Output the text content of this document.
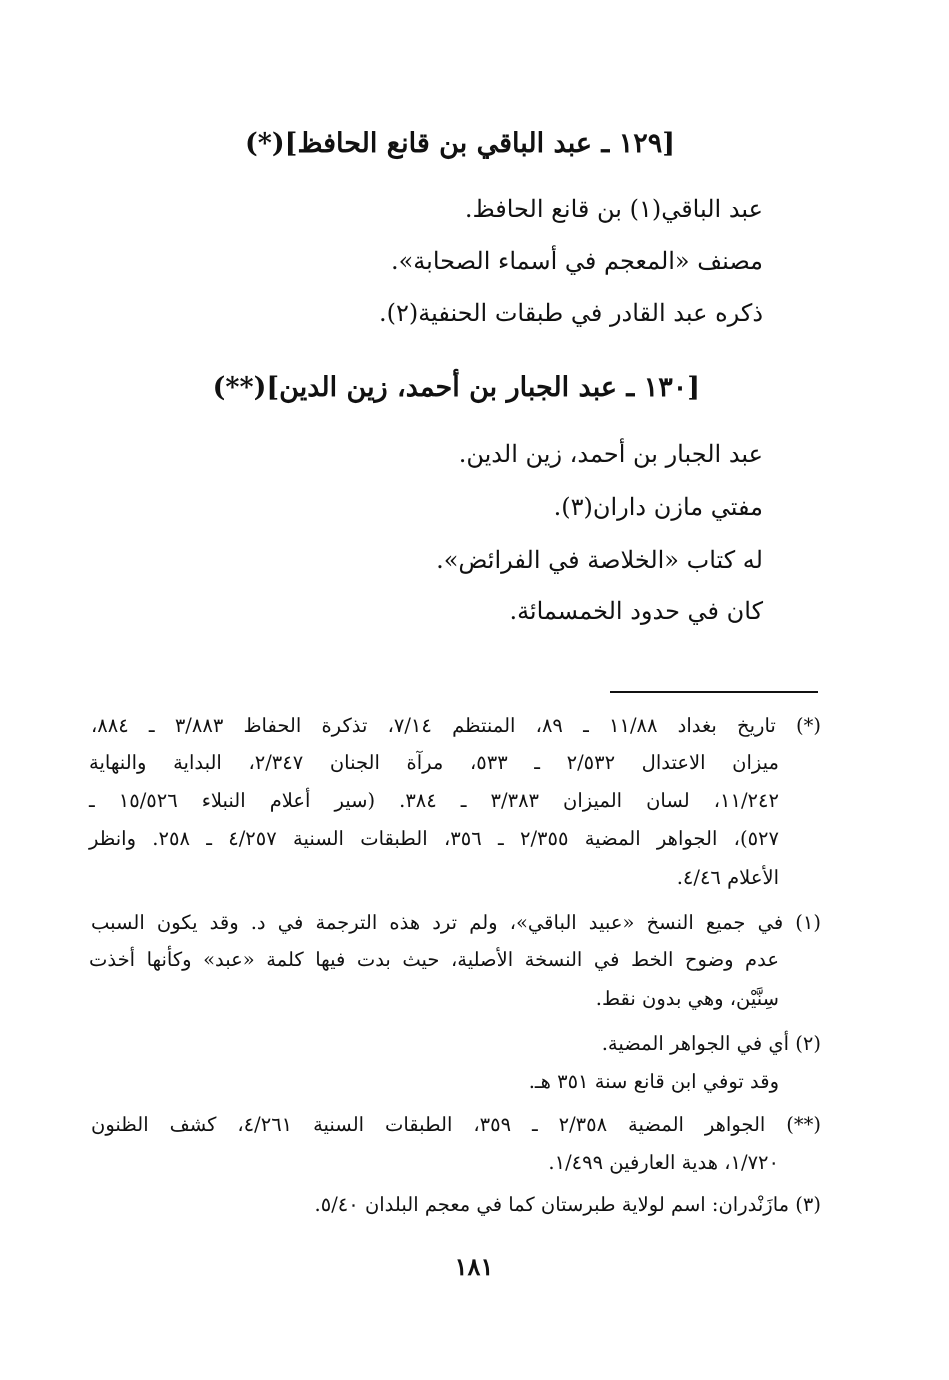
[١٢٩ ـ عبد الباقي بن قانع الحافظ](*)
عبد الباقي(١) بن قانع الحافظ.
مصنف «المعجم في أسماء الصحابة».
ذكره عبد القادر في طبقات الحنفية(٢).
[١٣٠ ـ عبد الجبار بن أحمد، زين الدين](**)
عبد الجبار بن أحمد، زين الدين.
مفتي مازن داران(٣).
له كتاب «الخلاصة في الفرائض».
كان في حدود الخمسمائة.
(*) تاريخ بغداد ١١/٨٨ ـ ٨٩، المنتظم ٧/١٤، تذكرة الحفاظ ٣/٨٨٣ ـ ٨٨٤،
ميزان الاعتدال ٢/٥٣٢ ـ ٥٣٣، مرآة الجنان ٢/٣٤٧، البداية والنهاية
١١/٢٤٢، لسان الميزان ٣/٣٨٣ ـ ٣٨٤. (سير أعلام النبلاء ١٥/٥٢٦ ـ
٥٢٧)، الجواهر المضية ٢/٣٥٥ ـ ٣٥٦، الطبقات السنية ٤/٢٥٧ ـ ٢٥٨. وانظر
الأعلام ٤/٤٦.
(١) في جميع النسخ «عبيد الباقي»، ولم ترد هذه الترجمة في د. وقد يكون السبب
عدم وضوح الخط في النسخة الأصلية، حيث بدت فيها كلمة «عبد» وكأنها أخذت
سِنَّيْن، وهي بدون نقط.
(٢) أي في الجواهر المضية.
وقد توفي ابن قانع سنة ٣٥١ هـ.
(**) الجواهر المضية ٢/٣٥٨ ـ ٣٥٩، الطبقات السنية ٤/٢٦١، كشف الظنون
١/٧٢٠، هدية العارفين ١/٤٩٩.
(٣) مازَنْدران: اسم لولاية طبرستان كما في معجم البلدان ٥/٤٠.
١٨١
